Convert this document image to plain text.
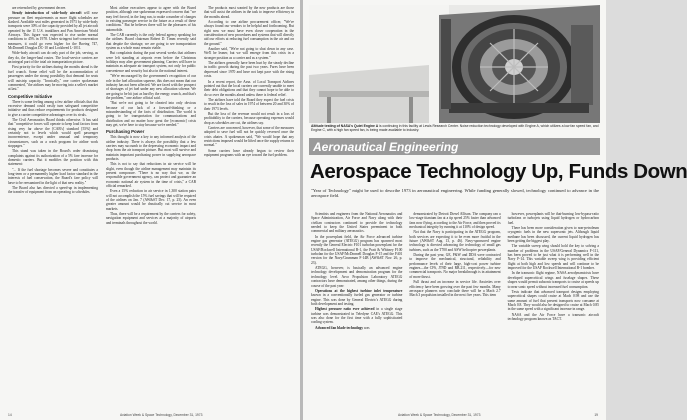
are retrenched by government decree.

Steady introduction of wide-body aircraft will ease pressure on fleet requirements as more flight schedules are slashed. Available seat miles generated in 1973 by wide-body transports were 30% of the capacity provided by all jet aircraft operated by the 11 U.S. trunklines and Pan American World Airways. This figure was expected to rise under normal conditions to 45% in 1978. Under stringent fuel-conservation measures, it could go even higher for the Boeing 747, McDonnell Douglas DC-10 and Lockheed L-1011.

Wide-body aircraft can do only part of the job, serving, as they do, the longer-haul routes. The local-service carriers are an integral part of the total air transportation picture.

First priority for the airlines during the months ahead is the fuel crunch. Some relief will be the accommodation of passengers under the strong possibility that demand for seats will outstrip capacity. "Ironically," one carrier spokesman commented, "the airlines may be moving into a seller's market at last."

Competitive Initiative

There is some feeling among a few airline officials that this excessive demand could easily turn safeguard competitive initiative and thus reduce requirements for products designed to give a carrier competitive advantages over its rivals.

The Civil Aeronautics Board thinks otherwise. It has said that "competitive forces will operate to keep load factors from rising very far above the [CAB's] standard [55%] and certainly not to levels which would spell passenger inconvenience, except under unusual and temporary circumstances, such as a crash program for airline work stoppages."

This stand was taken in the Board's order dismissing complaints against its authorization of a 5% fare increase for domestic carriers. But it modifies the position with this statement:

"... If the fuel shortage becomes severe and constitutes a long-term or a permanently higher load factor standard in the interests of fuel conservation, the Board's fare policy will have to be reexamined in the light of that new reality."

The Board also has directed a speed-up in implementing the transfer of equipment from an operating to schedules.

Most airline executives appear to agree with the Board position, although one spokesman expressed concern that "we may feel forced, in the long run, to make a number of changes to existing passenger service in the future as a result of these conditions." But he believes there will be the pleasures of his automobile.

The CAB currently is the only federal agency speaking for the airlines. Board chairman Robert D. Timm recently said that despite the shortage, we are going to see transportation system as a whole must remain viable.

But complaints during the past several weeks that airliners were left standing at airports even before the Christmas holidays may alter government planning. Carriers will have to maintain as adequate air transport system, not only for public convenience and security but also in the national interest.

"We're encouraged by the government's recognition of our role in the fuel allocation squeeze, this does not mean that our industry has not been affected. We are faced with the prospect of shortages of jet fuel under any new allocation scheme. We are going to be hit just as hard by the energy crunch, and that's the problem," one airline official said.

"But we're not going to be cheated into only obvious because of our lack of a forward-thinking or a misunderstanding of the facts of distribution. The world is going to be transportation for communications and distribution and no matter how great the [economic] crisis may get, we're here to stay because we're needed."

Purchasing Power

This thought is now a key to any informed analysis of the airline industry. There is always the possibility that a few carriers may succumb to the depressing economic impact and drop from the air transport picture. But most will survive and maintain important purchasing power in supplying aerospace products.

This is not to say that reductions in air service will be slight, even though the airline management may maintain its present composure. "There is no way that we, as the responsible government agency, can protect and guarantee an economic national air system in the time of crisis," a CAB official remarked.

Even a 15% reduction in air service in 1,300 station pairs will not accomplish the 15% fuel savings that will be required of the airlines on Jan. 7 (AW&ST Dec. 17, p. 25). An even greater amount would be drastically cut service in most markets.

Thus, there will be a requirement by the carriers for safety, navigation equipment and services at a majority of airports and terminals throughout the world.

The products most wanted by the new products are those that will assist the airlines in the task to improve efficiency in the months ahead.

According to one airline procurement officer, "We've always found our vendors to be helpful and forthcoming. But right now we must have even closer cooperation in the consideration of new procedures and systems that will directly aid our efforts at reducing fuel consumption in the air and on the ground."

Another said, "We're not going to shut down in any case. We'll be leaner, but we will emerge from this crisis in a stronger position as a carrier and as a system."

The airlines generally have been hurt by the steady decline in traffic growth during the past two years. Fares have been depressed since 1970 and have not kept pace with the rising costs.

In a recent report, the Assn. of Local Transport Airlines pointed out that the local carriers are currently unable to meet their debt obligations and that they cannot hope to be able to do so over the months ahead unless there is federal relief.

The airlines have told the Board they expect the fuel crisis to result in the loss of sales in 1974 of between 20 and 30% of their 1973 levels.

But the loss of the revenue would not result in a loss of profitability to the carriers, because operating expenses would drop as schedules are cut, the airlines say.

Carriers are concerned, however, that some of the measures adopted to save fuel will not be quickly reversed once the crisis abates. A spokesman said, "We would hope that any restrictions imposed would be lifted once the supply returns to normal."

Some carriers have already begun to review their equipment programs with an eye toward the fuel problem.

14	Aviation Week & Space Technology, December 31, 1973
Altitude testing of NASA's Quiet Engine A is continuing in this facility at Lewis Research Center. Noise reduction technology developed with Engine A, which utilizes a low fan speed fan, and Engine C, with a high fan speed fan, is being made available to industry.
Aeronautical Engineering
Aerospace Technology Up, Funds Down

"Year of Technology" might be used to describe 1973 in aeronautical engineering. While funding generally slowed, technology continued to advance in the aerospace field.

Scientists and engineers from the National Aeronautics and Space Administration, Air Force and Navy along with their civilian contractors continued to provide the technology needed to keep the United States preeminent in both commercial and military aeronautics.

In the powerplant field, the Air Force advanced turbine engine gas generator (ATEGG) program has spawned most recently the General Electric F101 turbofan powerplant for the USAF/Rockwell International B-1, the Pratt & Whitney F100 turbofan for the USAF/McDonnell Douglas F-15 and the F401 version for the Navy/Grumman F-14B (AW&ST Nov. 26, p. 23).

ATEGG, however, is basically an advanced engine technology development and demonstration program for the technology level. Avco Propulsion Laboratory ATEGG contractors have demonstrated, among other things, during the course of the past year:

Operations at the highest turbine inlet temperature known in a conventionally fueled gas generator or turbine engine. This was done by General Electric's ATEGG during both development and testing.

Highest pressure ratio ever achieved in a single stage turbine was demonstrated in Teledyne CAE's ATEGG. This was also done for the first time with a fully sophisticated cooling system.

Advanced fan blade technology was

demonstrated by Detroit Diesel Allison. The company ran a low-stage titanium fan at a tip speed 25% faster than advanced fans now flying, according to the Air Force, and then proved its mechanical integrity by running it at 110% of design speed.

Not that the Navy is participating in the ATEGG program, both services are expecting it to be even more fruitful in the future (AW&ST Aug. 13, p. 46). Navy-sponsored engine technology is directed advancing the technology of small gas turbines, such as the T700 and ASW helicopter powerplants.

During the past year, GE, P&W and DDA were contracted to improve the mechanical, structural, reliability and performance levels of their large, high-cost power turbine engines—the CF6, JT9D and RB.211, respectively—for new commercial transports. No major breakthrough is in attainment of more thrust.

Full thrust and an increase in service life. Anxieties over efficiency have been growing over the past few months. Many aerospace planners now conclude there will be a Mach 2.7 Mach 3 propulsion installed in the next five years. This item

however, powerplants will be that-burning low-bypass-ratio turbofans or turbojets using liquid hydrogen or hydrocarbon fuel.

There has been more consideration given to non-petroleum cryogenic fuels in the new supersonic jets. Although liquid methane has been discussed, the current liquid hydrogen has been getting the biggest play.

The variable sweep wing should hold the key to solving a number of problems in the USAF/General Dynamics F-111, has been proved to be just what it is performing well in the Navy F-14. This variable sweep wing is providing efficient flight at both high and low speeds and will continue to be improved for the USAF Rockwell International B-1 bomber.

In the transonic flight regime, NASA aerodynamicists have developed supercritical wings and fuselage shapes. These shapes would permit subsonic transports to cruise at speeds up to near sonic speed without increased fuel consumption.

Tests indicate that advanced transport designs employing supercritical shapes could cruise at Mach 0.98 and use the same amount of fuel that present transports now consume at Mach 0.8. They would also be designed to cruise at Mach 0.85 in the same speed with a significant increase in range.

NASA and the Air Force have a transonic aircraft technology program known as TACT.

Aviation Week & Space Technology, December 31, 1973	19
